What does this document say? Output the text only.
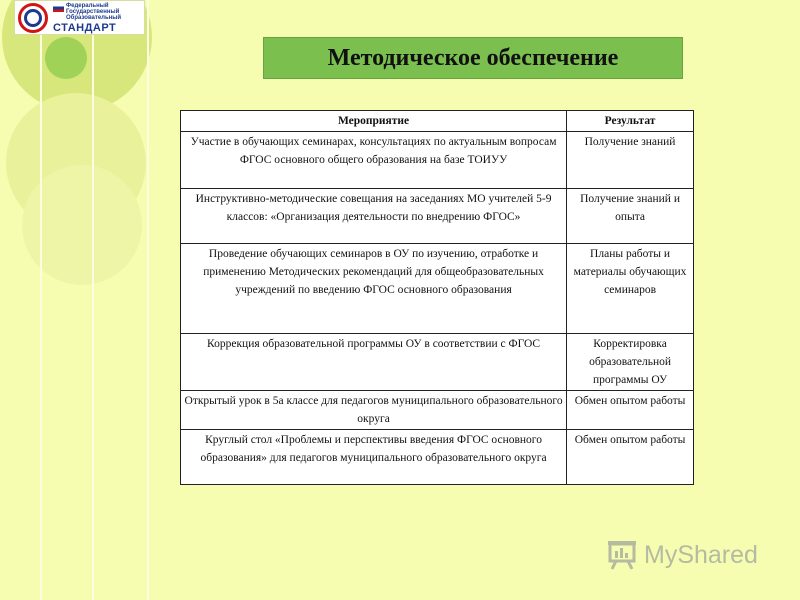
Федеральный
Государственный
Образовательный
СТАНДАРТ
Методическое обеспечение
Мероприятие	Результат
Участие в обучающих семинарах, консультациях по актуальным вопросам ФГОС основного общего образования на базе ТОИУУ	Получение знаний
Инструктивно-методические совещания на заседаниях МО учителей 5-9 классов: «Организация деятельности по внедрению ФГОС»	Получение знаний и опыта
Проведение обучающих семинаров в ОУ по изучению, отработке и применению Методических рекомендаций для общеобразовательных учреждений по введению ФГОС основного образования	Планы работы и материалы обучающих семинаров
Коррекция образовательной программы ОУ в соответствии с ФГОС	Корректировка образовательной программы ОУ
Открытый урок в 5а классе для педагогов муниципального образовательного округа	Обмен опытом работы
Круглый стол «Проблемы и перспективы введения ФГОС основного образования» для педагогов муниципального образовательного округа	Обмен опытом работы
MyShared
